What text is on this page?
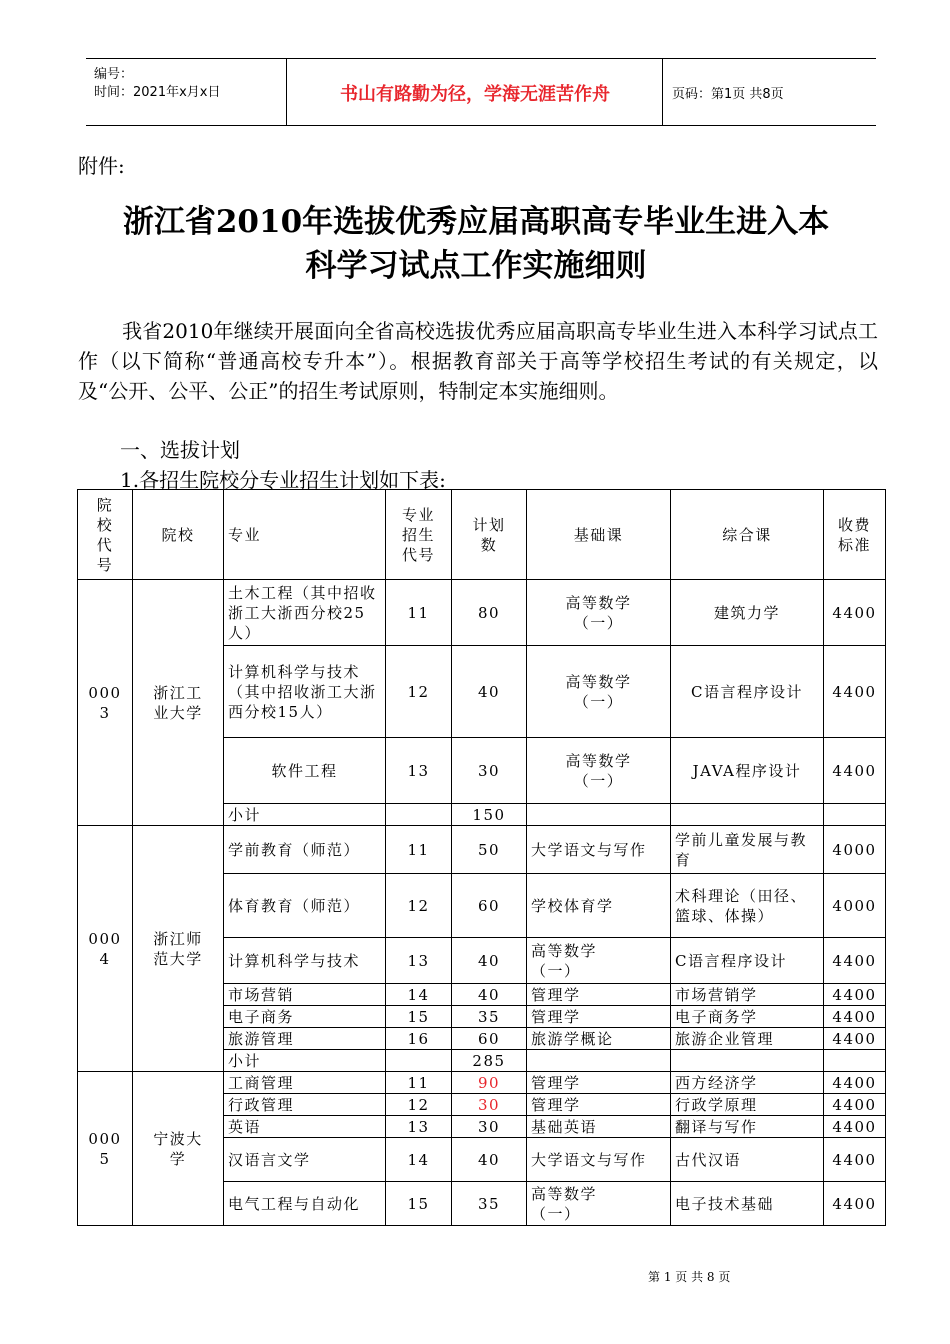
编号：
时间：2021年x月x日	书山有路勤为径，学海无涯苦作舟	页码：第1页 共8页
附件:
浙江省2010年选拔优秀应届高职高专毕业生进入本
科学习试点工作实施细则
我省2010年继续开展面向全省高校选拔优秀应届高职高专毕业生进入本科学习试点工作（以下简称“普通高校专升本”）。根据教育部关于高等学校招生考试的有关规定，以及“公开、公平、公正”的招生考试原则，特制定本实施细则。
一、选拔计划
1.各招生院校分专业招生计划如下表:
院校代号	院校	专业	专业招生代号	计划数	基础课	综合课	收费标准
0003	浙江工业大学	土木工程（其中招收浙工大浙西分校25人）	11	80	高等数学（一）	建筑力学	4400
		计算机科学与技术（其中招收浙工大浙西分校15人）	12	40	高等数学（一）	C语言程序设计	4400
		软件工程	13	30	高等数学（一）	JAVA程序设计	4400
		小计		150			
0004	浙江师范大学	学前教育（师范）	11	50	大学语文与写作	学前儿童发展与教育	4000
		体育教育（师范）	12	60	学校体育学	术科理论（田径、篮球、体操）	4000
		计算机科学与技术	13	40	高等数学（一）	C语言程序设计	4400
		市场营销	14	40	管理学	市场营销学	4400
		电子商务	15	35	管理学	电子商务学	4400
		旅游管理	16	60	旅游学概论	旅游企业管理	4400
		小计		285			
0005	宁波大学	工商管理	11	90	管理学	西方经济学	4400
		行政管理	12	30	管理学	行政学原理	4400
		英语	13	30	基础英语	翻译与写作	4400
		汉语言文学	14	40	大学语文与写作	古代汉语	4400
		电气工程与自动化	15	35	高等数学（一）	电子技术基础	4400
第 1 页 共 8 页
